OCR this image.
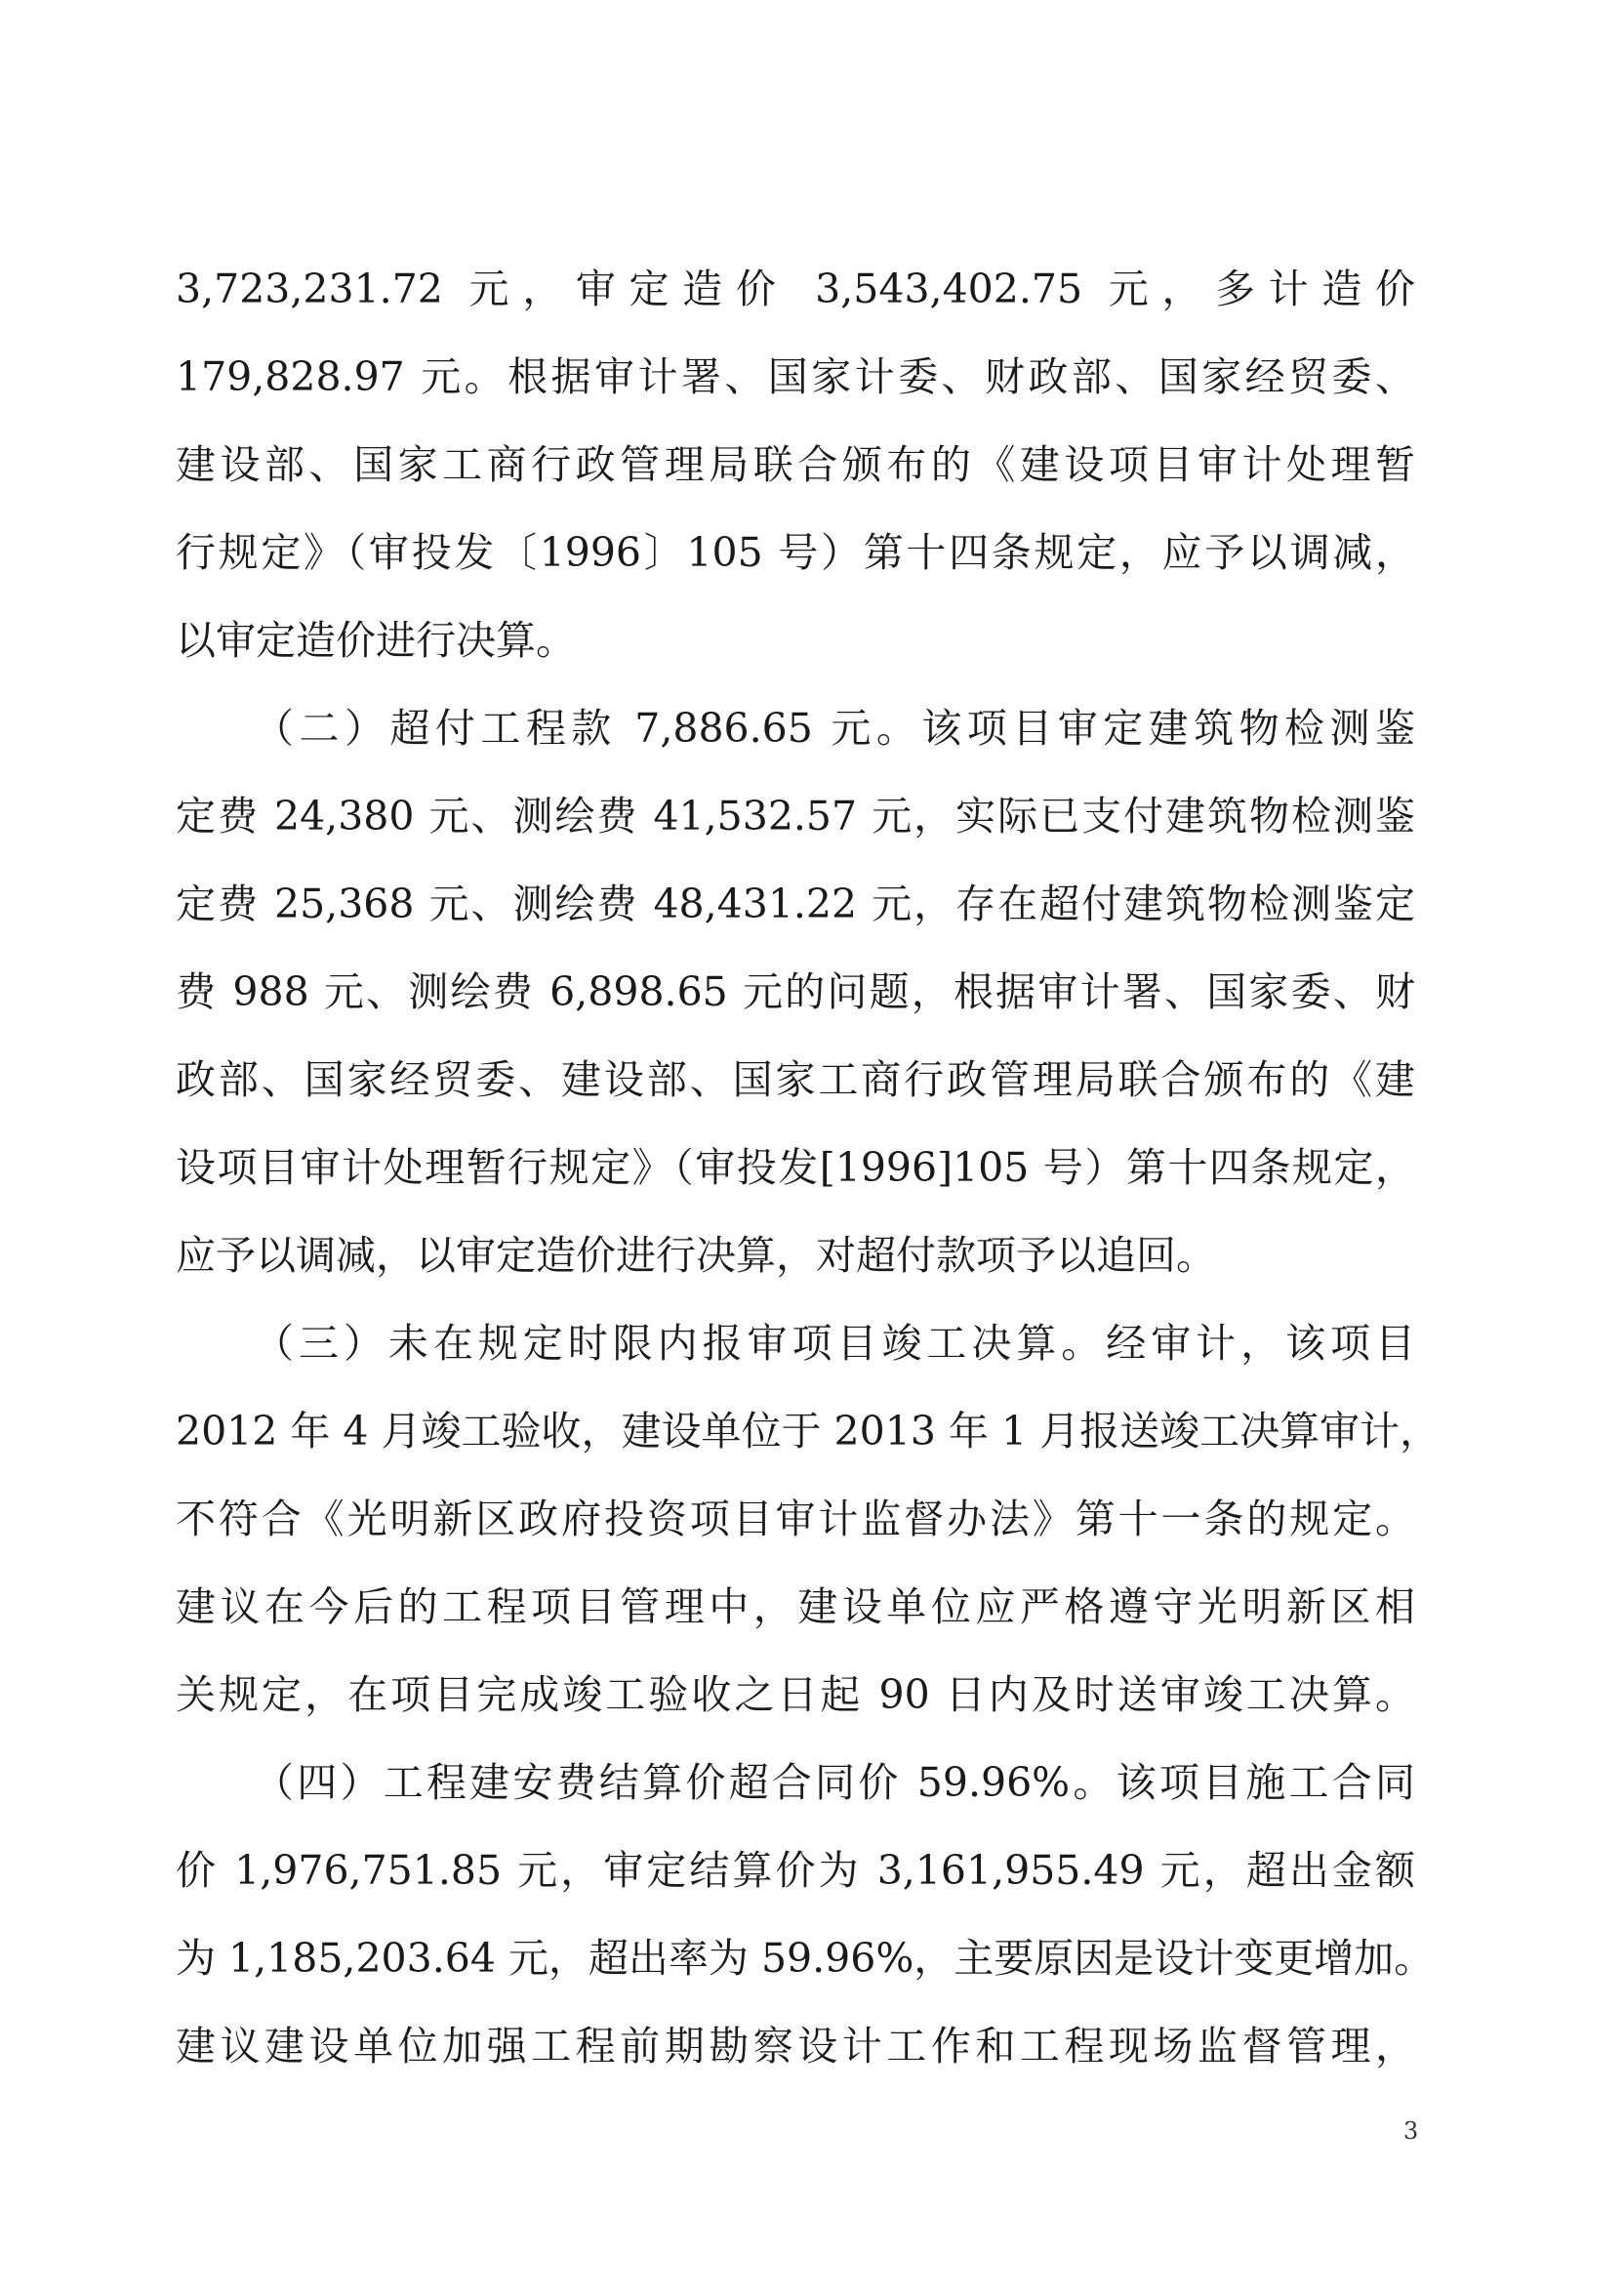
3,723,231.72 元，审定造价 3,543,402.75 元，多计造价
179,828.97 元。根据审计署、国家计委、财政部、国家经贸委、
建设部、国家工商行政管理局联合颁布的《建设项目审计处理暂
行规定》（审投发〔1996〕105 号）第十四条规定，应予以调减，
以审定造价进行决算。
（二）超付工程款 7,886.65 元。该项目审定建筑物检测鉴
定费 24,380 元、测绘费 41,532.57 元，实际已支付建筑物检测鉴
定费 25,368 元、测绘费 48,431.22 元，存在超付建筑物检测鉴定
费 988 元、测绘费 6,898.65 元的问题，根据审计署、国家委、财
政部、国家经贸委、建设部、国家工商行政管理局联合颁布的《建
设项目审计处理暂行规定》（审投发[1996]105 号）第十四条规定，
应予以调减，以审定造价进行决算，对超付款项予以追回。
（三）未在规定时限内报审项目竣工决算。经审计，该项目
2012 年 4 月竣工验收，建设单位于 2013 年 1 月报送竣工决算审计，
不符合《光明新区政府投资项目审计监督办法》第十一条的规定。
建议在今后的工程项目管理中，建设单位应严格遵守光明新区相
关规定，在项目完成竣工验收之日起 90 日内及时送审竣工决算。
（四）工程建安费结算价超合同价 59.96%。该项目施工合同
价 1,976,751.85 元，审定结算价为 3,161,955.49 元，超出金额
为 1,185,203.64 元，超出率为 59.96%，主要原因是设计变更增加。
建议建设单位加强工程前期勘察设计工作和工程现场监督管理，
3
